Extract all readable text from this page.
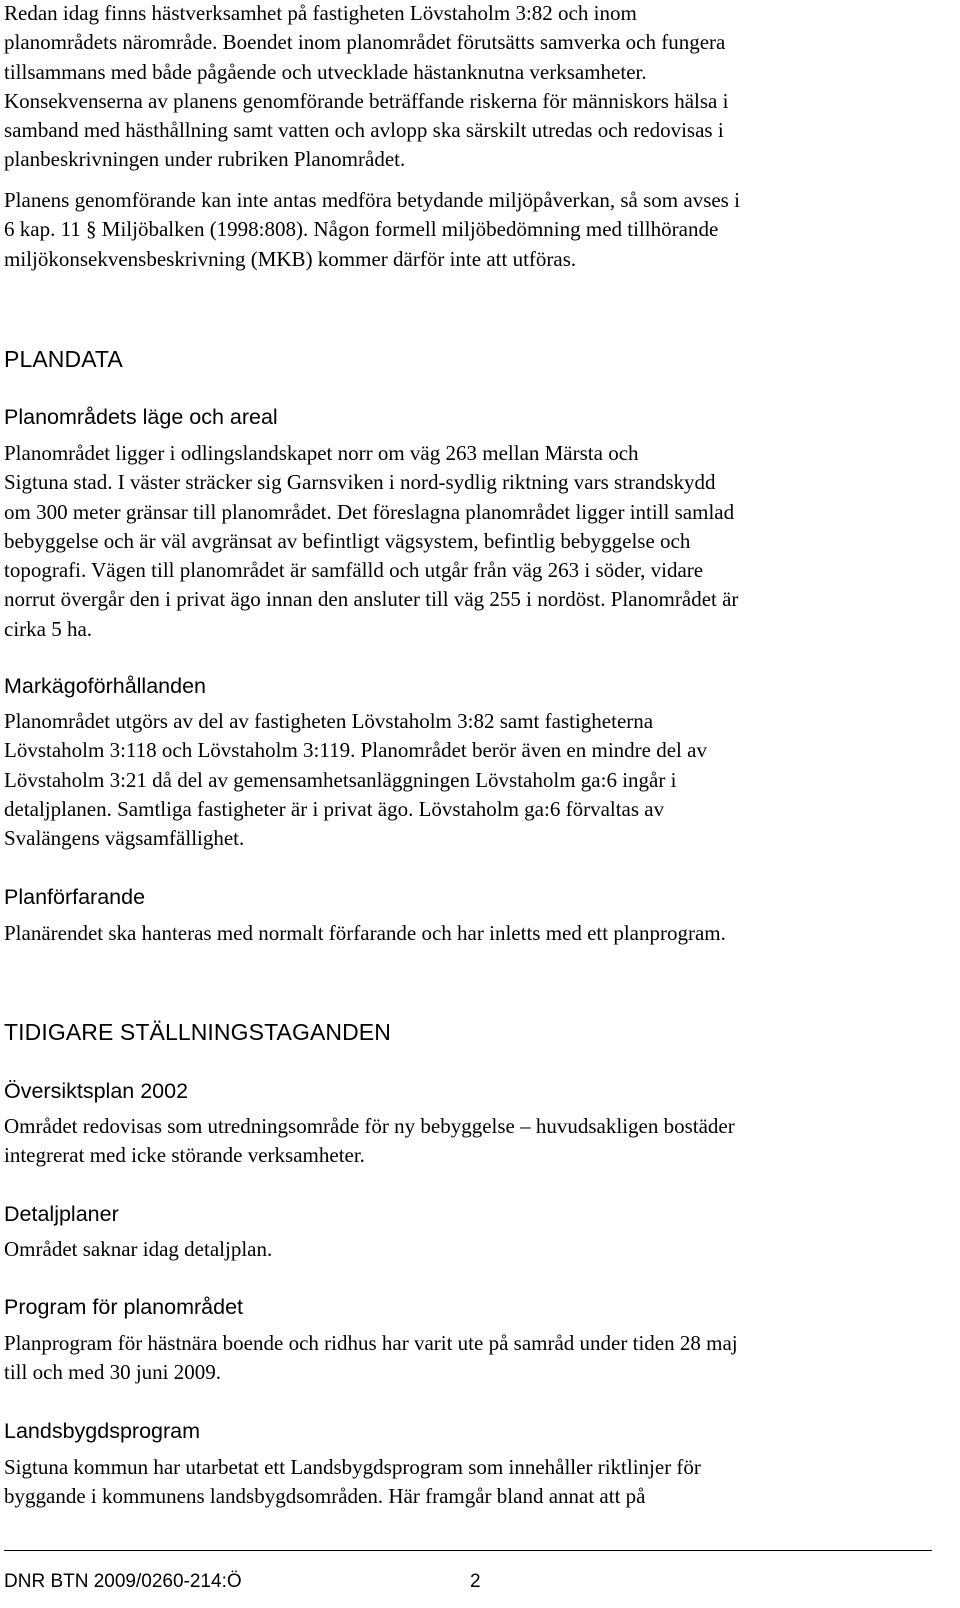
Redan idag finns hästverksamhet på fastigheten Lövstaholm 3:82 och inom
planområdets närområde. Boendet inom planområdet förutsätts samverka och fungera
tillsammans med både pågående och utvecklade hästanknutna verksamheter.
Konsekvenserna av planens genomförande beträffande riskerna för människors hälsa i
samband med hästhållning samt vatten och avlopp ska särskilt utredas och redovisas i
planbeskrivningen under rubriken Planområdet.

Planens genomförande kan inte antas medföra betydande miljöpåverkan, så som avses i
6 kap. 11 § Miljöbalken (1998:808). Någon formell miljöbedömning med tillhörande
miljökonsekvensbeskrivning (MKB) kommer därför inte att utföras.

PLANDATA
Planområdets läge och areal

Planområdet ligger i odlingslandskapet norr om väg 263 mellan Märsta och
Sigtuna stad. I väster sträcker sig Garnsviken i nord-sydlig riktning vars strandskydd
om 300 meter gränsar till planområdet. Det föreslagna planområdet ligger intill samlad
bebyggelse och är väl avgränsat av befintligt vägsystem, befintlig bebyggelse och
topografi. Vägen till planområdet är samfälld och utgår från väg 263 i söder, vidare
norrut övergår den i privat ägo innan den ansluter till väg 255 i nordöst. Planområdet är
cirka 5 ha.

Markägoförhållanden

Planområdet utgörs av del av fastigheten Lövstaholm 3:82 samt fastigheterna
Lövstaholm 3:118 och Lövstaholm 3:119. Planområdet berör även en mindre del av
Lövstaholm 3:21 då del av gemensamhetsanläggningen Lövstaholm ga:6 ingår i
detaljplanen. Samtliga fastigheter är i privat ägo. Lövstaholm ga:6 förvaltas av
Svalängens vägsamfällighet.

Planförfarande

Planärendet ska hanteras med normalt förfarande och har inletts med ett planprogram.

TIDIGARE STÄLLNINGSTAGANDEN
Översiktsplan 2002

Området redovisas som utredningsområde för ny bebyggelse – huvudsakligen bostäder
integrerat med icke störande verksamheter.

Detaljplaner

Området saknar idag detaljplan.

Program för planområdet

Planprogram för hästnära boende och ridhus har varit ute på samråd under tiden 28 maj
till och med 30 juni 2009.

Landsbygdsprogram

Sigtuna kommun har utarbetat ett Landsbygdsprogram som innehåller riktlinjer för
byggande i kommunens landsbygdsområden. Här framgår bland annat att på

DNR BTN 2009/0260-214:Ö	2
